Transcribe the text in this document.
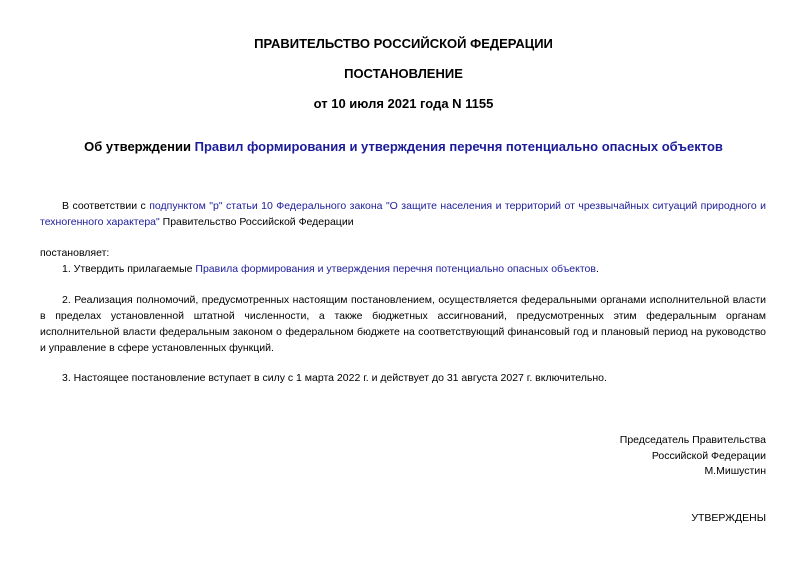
ПРАВИТЕЛЬСТВО РОССИЙСКОЙ ФЕДЕРАЦИИ
ПОСТАНОВЛЕНИЕ
от 10 июля 2021 года N 1155
Об утверждении Правил формирования и утверждения перечня потенциально опасных объектов
В соответствии с подпунктом "р" статьи 10 Федерального закона "О защите населения и территорий от чрезвычайных ситуаций природного и техногенного характера" Правительство Российской Федерации
постановляет:
1. Утвердить прилагаемые Правила формирования и утверждения перечня потенциально опасных объектов.
2. Реализация полномочий, предусмотренных настоящим постановлением, осуществляется федеральными органами исполнительной власти в пределах установленной штатной численности, а также бюджетных ассигнований, предусмотренных этим федеральным органам исполнительной власти федеральным законом о федеральном бюджете на соответствующий финансовый год и плановый период на руководство и управление в сфере установленных функций.
3. Настоящее постановление вступает в силу с 1 марта 2022 г. и действует до 31 августа 2027 г. включительно.
Председатель Правительства
Российской Федерации
М.Мишустин
УТВЕРЖДЕНЫ
